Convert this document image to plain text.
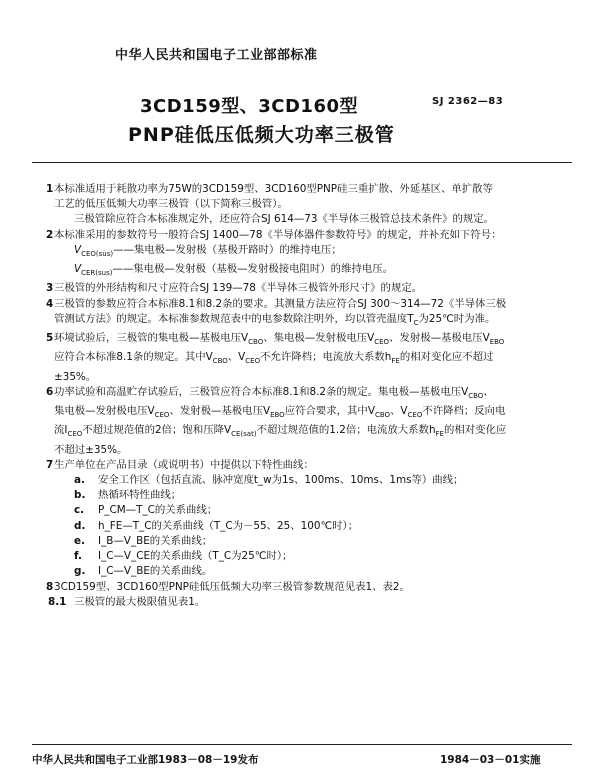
中华人民共和国电子工业部部标准
3CD159型、3CD160型
PNP硅低压低频大功率三极管
SJ 2362—83

1 本标准适用于耗散功率为75W的3CD159型、3CD160型PNP硅三重扩散、外延基区、单扩散等

工艺的低压低频大功率三极管（以下简称三极管）。

三极管除应符合本标准规定外，还应符合SJ 614—73《半导体三极管总技术条件》的规定。

2 本标准采用的参数符号一般符合SJ 1400—78《半导体器件参数符号》的规定，并补充如下符号：

$V_{CEO(sus)}——$集电极—发射极（基极开路时）的维持电压；

$V_{CER(sus)}——$集电极—发射极（基极—发射极接电阻时）的维持电压。

3 三极管的外形结构和尺寸应符合SJ 139—78《半导体三极管外形尺寸》的规定。

4 三极管的参数应符合本标准8.1和8.2条的要求。其测量方法应符合SJ 300～314—72《半导体三极

管测试方法》的规定。本标准参数规范表中的电参数除注明外，均以管壳温度$T_C$为25℃时为准。

5 环境试验后，三极管的集电极—基极电压$V_{CBO}$、集电极—发射极电压$V_{CEO}$、发射极—基极电压$V_{EBO}$

应符合本标准8.1条的规定。其中$V_{CBO}$、$V_{CEO}$不允许降档；电流放大系数$h_{FE}$的相对变化应不超过

±35%。

6 功率试验和高温贮存试验后，三极管应符合本标准8.1和8.2条的规定。集电极—基极电压$V_{CBO}$、

集电极—发射极电压$V_{CEO}$、发射极—基极电压$V_{EBO}$应符合要求，其中$V_{CBO}$、$V_{CEO}$不许降档；反向电

流$I_{CEO}$不超过规范值的2倍；饱和压降$V_{CE(sat)}$不超过规范值的1.2倍；电流放大系数$h_{FE}$的相对变化应

不超过±35%。

7 生产单位在产品目录（或说明书）中提供以下特性曲线：

a. 安全工作区（包括直流、脉冲宽度t_w为1s、100ms、10ms、1ms等）曲线；

b. 热循环特性曲线；

c. P_CM—T_C的关系曲线；

d. h_FE—T_C的关系曲线（T_C为－55、25、100℃时）；

e. I_B—V_BE的关系曲线；

f. I_C—V_CE的关系曲线（T_C为25℃时）；

g. I_C—V_BE的关系曲线。

8 3CD159型、3CD160型PNP硅低压低频大功率三极管参数规范见表1、表2。

8.1 三极管的最大极限值见表1。

中华人民共和国电子工业部1983－08－19发布	1984－03－01实施
